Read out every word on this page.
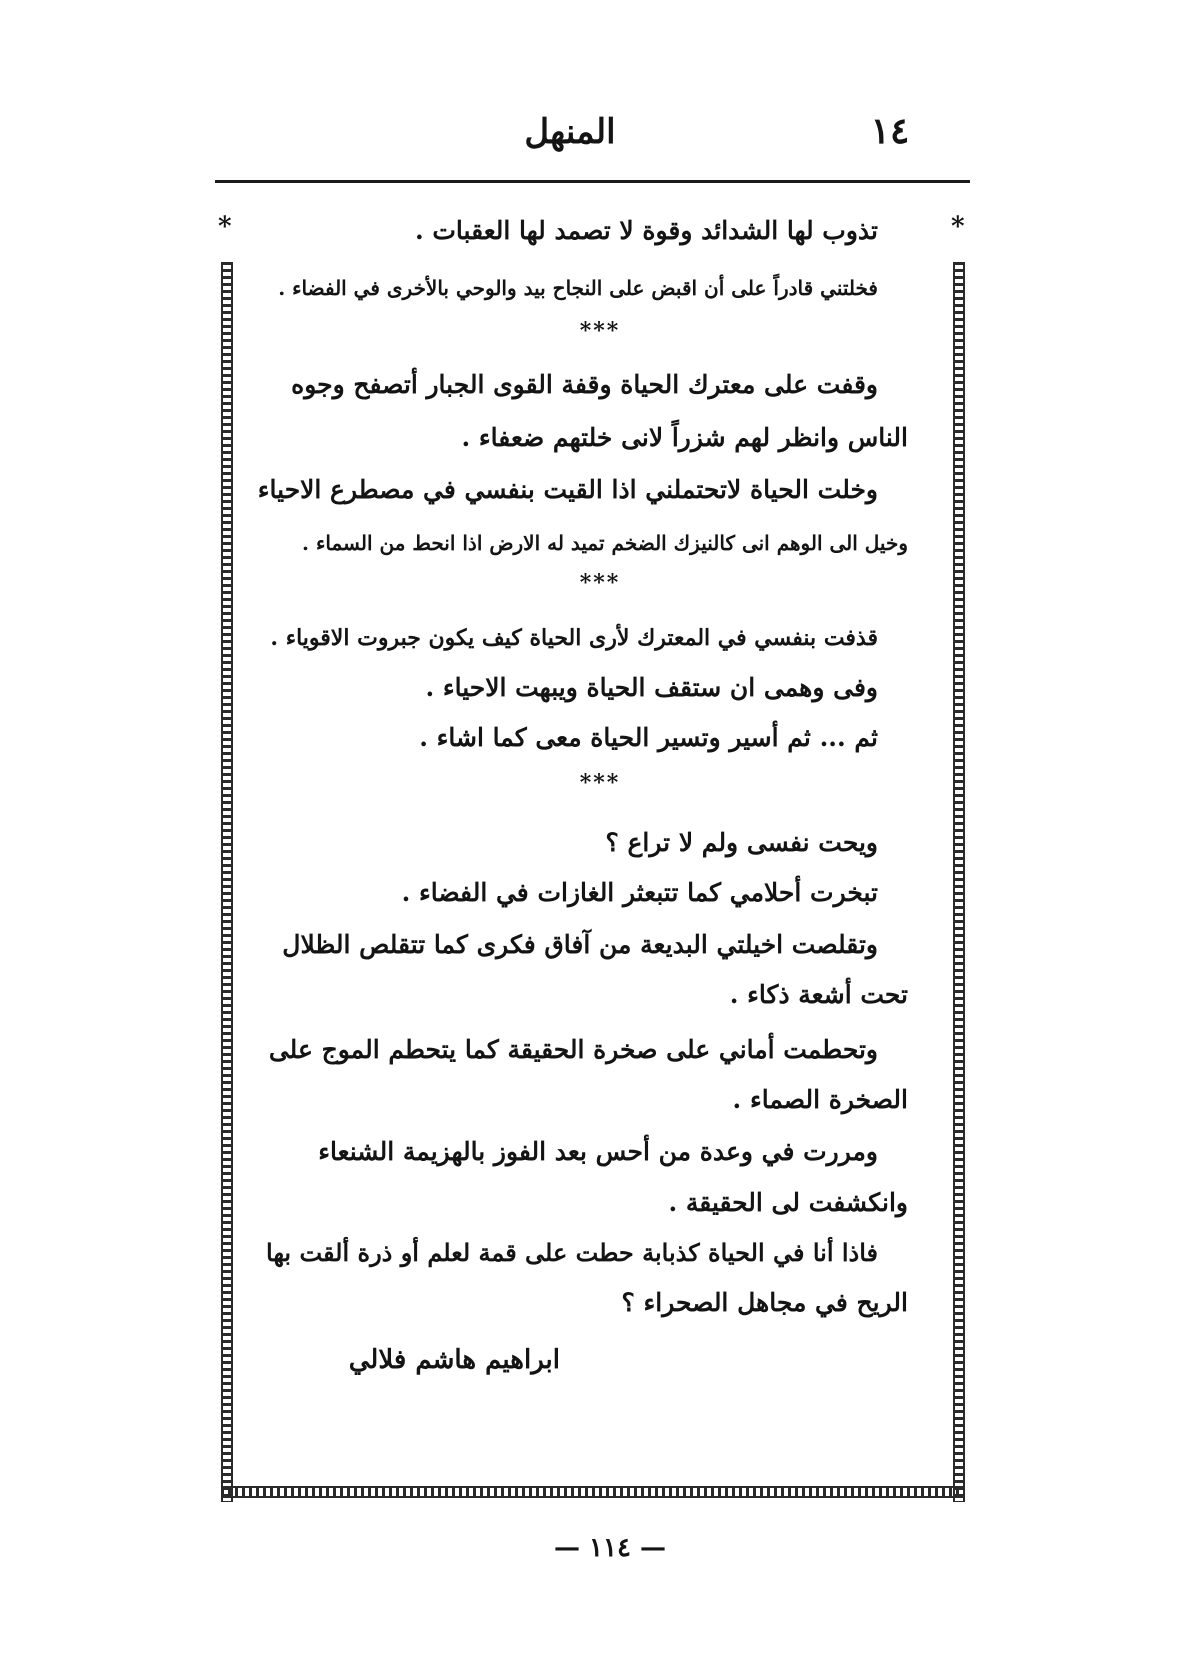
المنهل	١٤
*
*	تذوب لها الشدائد وقوة لا تصمد لها العقبات .
فخلتني قادراً على أن اقبض على النجاح بيد والوحي بالأخرى في الفضاء .
***
وقفت على معترك الحياة وقفة القوى الجبار أتصفح وجوه
الناس وانظر لهم شزراً لانى خلتهم ضعفاء .
وخلت الحياة لاتحتملني اذا القيت بنفسي في مصطرع الاحياء
وخيل الى الوهم انى كالنيزك الضخم تميد له الارض اذا انحط من السماء .
***
قذفت بنفسي في المعترك لأرى الحياة كيف يكون جبروت الاقوياء .
وفى وهمى ان ستقف الحياة ويبهت الاحياء .
ثم ... ثم أسير وتسير الحياة معى كما اشاء .
***
ويحت نفسى ولم لا تراع ؟
تبخرت أحلامي كما تتبعثر الغازات في الفضاء .
وتقلصت اخيلتي البديعة من آفاق فكرى كما تتقلص الظلال
تحت أشعة ذكاء .
وتحطمت أماني على صخرة الحقيقة كما يتحطم الموج على
الصخرة الصماء .
ومررت في وعدة من أحس بعد الفوز بالهزيمة الشنعاء
وانكشفت لى الحقيقة .
فاذا أنا في الحياة كذبابة حطت على قمة لعلم أو ذرة ألقت بها
الريح في مجاهل الصحراء ؟
ابراهيم هاشم فلالي
— ١١٤ —
